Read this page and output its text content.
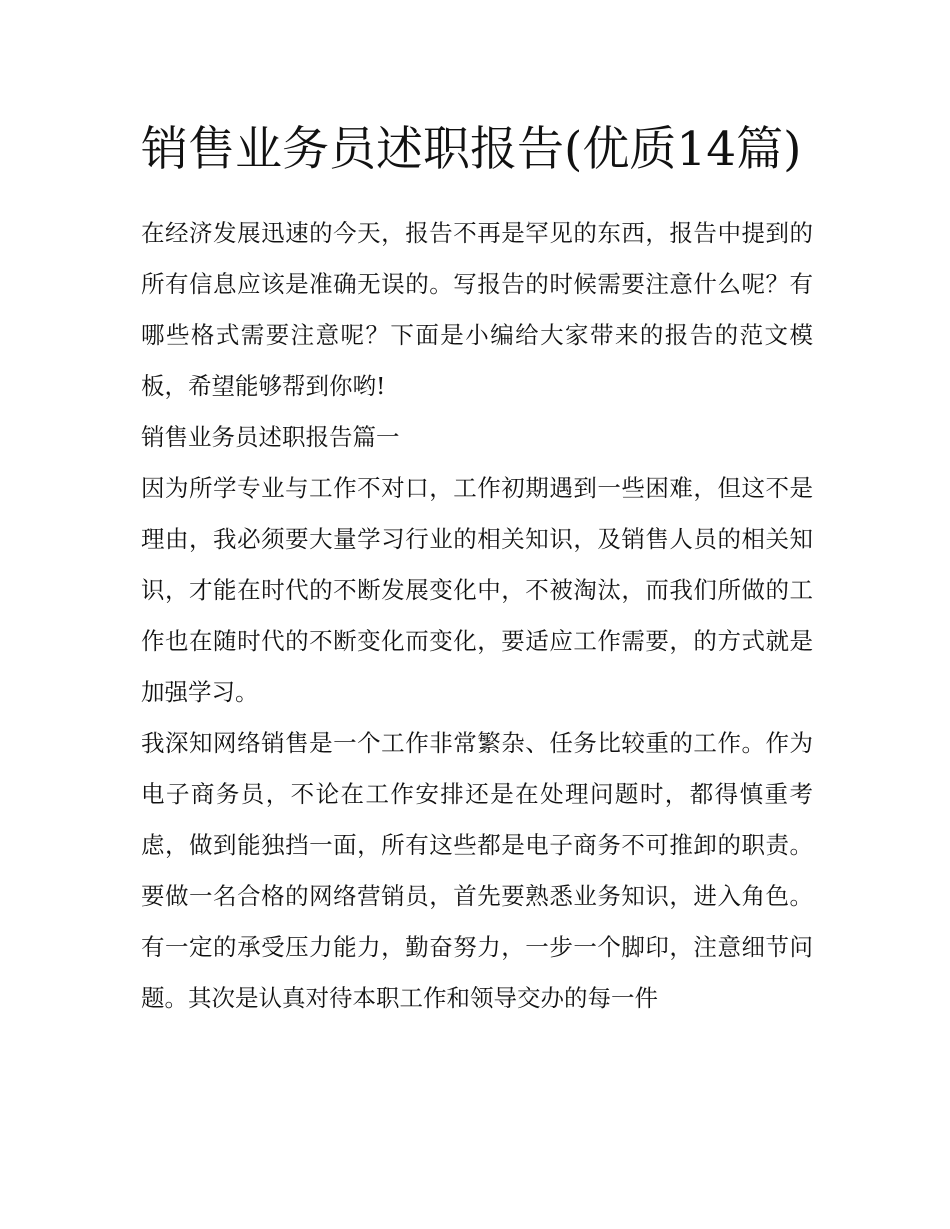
销售业务员述职报告(优质14篇)

在经济发展迅速的今天，报告不再是罕见的东西，报告中提到的所有信息应该是准确无误的。写报告的时候需要注意什么呢？有哪些格式需要注意呢？下面是小编给大家带来的报告的范文模板，希望能够帮到你哟!

销售业务员述职报告篇一

因为所学专业与工作不对口，工作初期遇到一些困难，但这不是理由，我必须要大量学习行业的相关知识，及销售人员的相关知识，才能在时代的不断发展变化中，不被淘汰，而我们所做的工作也在随时代的不断变化而变化，要适应工作需要，的方式就是加强学习。

我深知网络销售是一个工作非常繁杂、任务比较重的工作。作为电子商务员，不论在工作安排还是在处理问题时，都得慎重考虑，做到能独挡一面，所有这些都是电子商务不可推卸的职责。要做一名合格的网络营销员，首先要熟悉业务知识，进入角色。有一定的承受压力能力，勤奋努力，一步一个脚印，注意细节问题。其次是认真对待本职工作和领导交办的每一件
